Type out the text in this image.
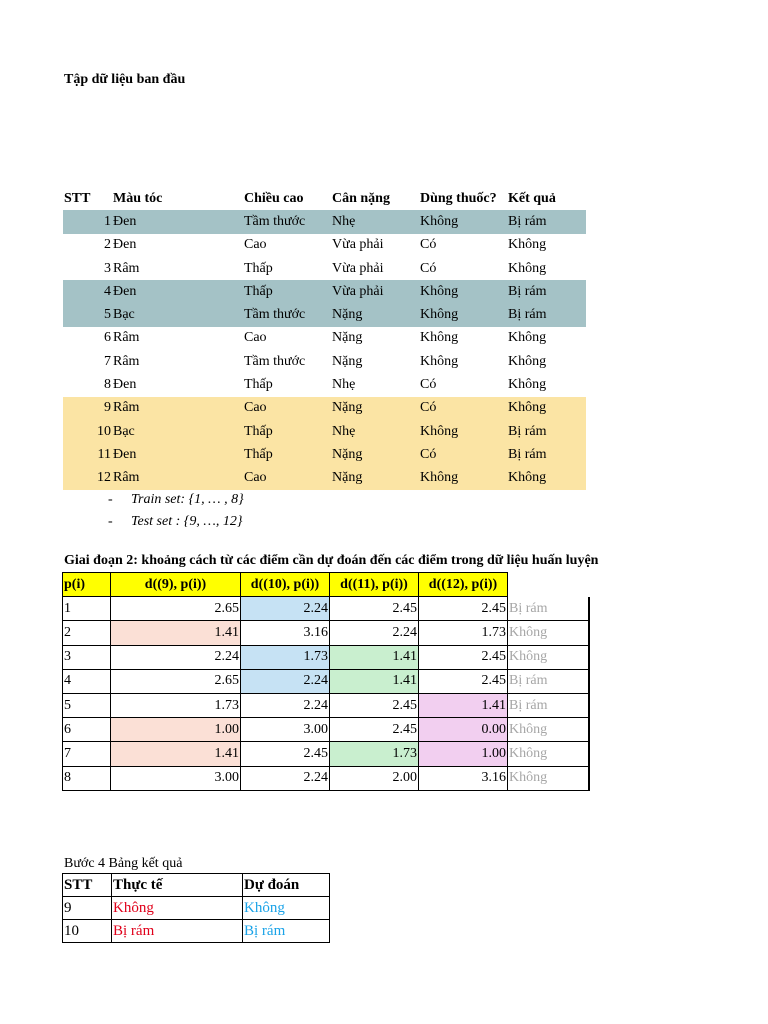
Tập dữ liệu ban đầu
STT	Màu tóc	Chiều cao	Cân nặng	Dùng thuốc?	Kết quả
1	Đen	Tầm thước	Nhẹ	Không	Bị rám
2	Đen	Cao	Vừa phải	Có	Không
3	Râm	Thấp	Vừa phải	Có	Không
4	Đen	Thấp	Vừa phải	Không	Bị rám
5	Bạc	Tầm thước	Nặng	Không	Bị rám
6	Râm	Cao	Nặng	Không	Không
7	Râm	Tầm thước	Nặng	Không	Không
8	Đen	Thấp	Nhẹ	Có	Không
9	Râm	Cao	Nặng	Có	Không
10	Bạc	Thấp	Nhẹ	Không	Bị rám
11	Đen	Thấp	Nặng	Có	Bị rám
12	Râm	Cao	Nặng	Không	Không
- Train set: {1, … , 8}
- Test set : {9, …, 12}
Giai đoạn 2: khoảng cách từ các điểm cần dự đoán đến các điểm trong dữ liệu huấn luyện
p(i)	d((9), p(i))	d((10), p(i))	d((11), p(i))	d((12), p(i))	
1	2.65	2.24	2.45	2.45	Bị rám
2	1.41	3.16	2.24	1.73	Không
3	2.24	1.73	1.41	2.45	Không
4	2.65	2.24	1.41	2.45	Bị rám
5	1.73	2.24	2.45	1.41	Bị rám
6	1.00	3.00	2.45	0.00	Không
7	1.41	2.45	1.73	1.00	Không
8	3.00	2.24	2.00	3.16	Không
Bước 4 Bảng kết quả
STT	Thực tế	Dự đoán
9	Không	Không
10	Bị rám	Bị rám
